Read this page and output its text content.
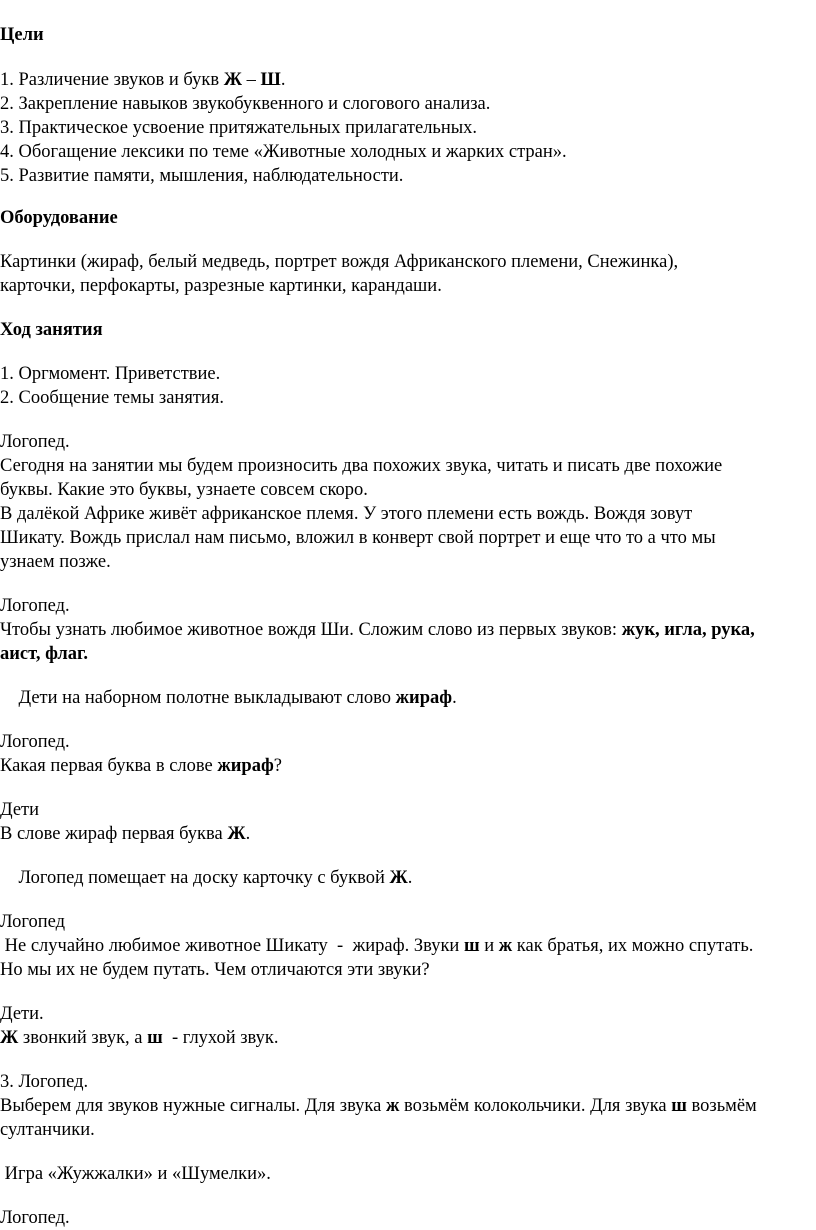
Цели
1. Различение звуков и букв Ж – Ш.
2. Закрепление навыков звукобуквенного и слогового анализа.
3. Практическое усвоение притяжательных прилагательных.
4. Обогащение лексики по теме «Животные холодных и жарких стран».
5. Развитие памяти, мышления, наблюдательности.
Оборудование
Картинки (жираф, белый медведь, портрет вождя Африканского племени, Снежинка),
карточки, перфокарты, разрезные картинки, карандаши.
Ход занятия
1. Оргмомент. Приветствие.
2. Сообщение темы занятия.
Логопед.
Сегодня на занятии мы будем произносить два похожих звука, читать и писать две похожие
буквы. Какие это буквы, узнаете совсем скоро.
В далёкой Африке живёт африканское племя. У этого племени есть вождь. Вождя зовут
Шикату. Вождь прислал нам письмо, вложил в конверт свой портрет и еще что то а что мы
узнаем позже.
Логопед.
Чтобы узнать любимое животное вождя Ши. Сложим слово из первых звуков: жук, игла, рука,
аист, флаг.
Дети на наборном полотне выкладывают слово жираф.
Логопед.
Какая первая буква в слове жираф?
Дети
В слове жираф первая буква Ж.
Логопед помещает на доску карточку с буквой Ж.
Логопед
Не случайно любимое животное Шикату  -  жираф. Звуки ш и ж как братья, их можно спутать.
Но мы их не будем путать. Чем отличаются эти звуки?
Дети.
Ж звонкий звук, а ш  - глухой звук.
3. Логопед.
Выберем для звуков нужные сигналы. Для звука ж возьмём колокольчики. Для звука ш возьмём
султанчики.
Игра «Жужжалки» и «Шумелки».
Логопед.
